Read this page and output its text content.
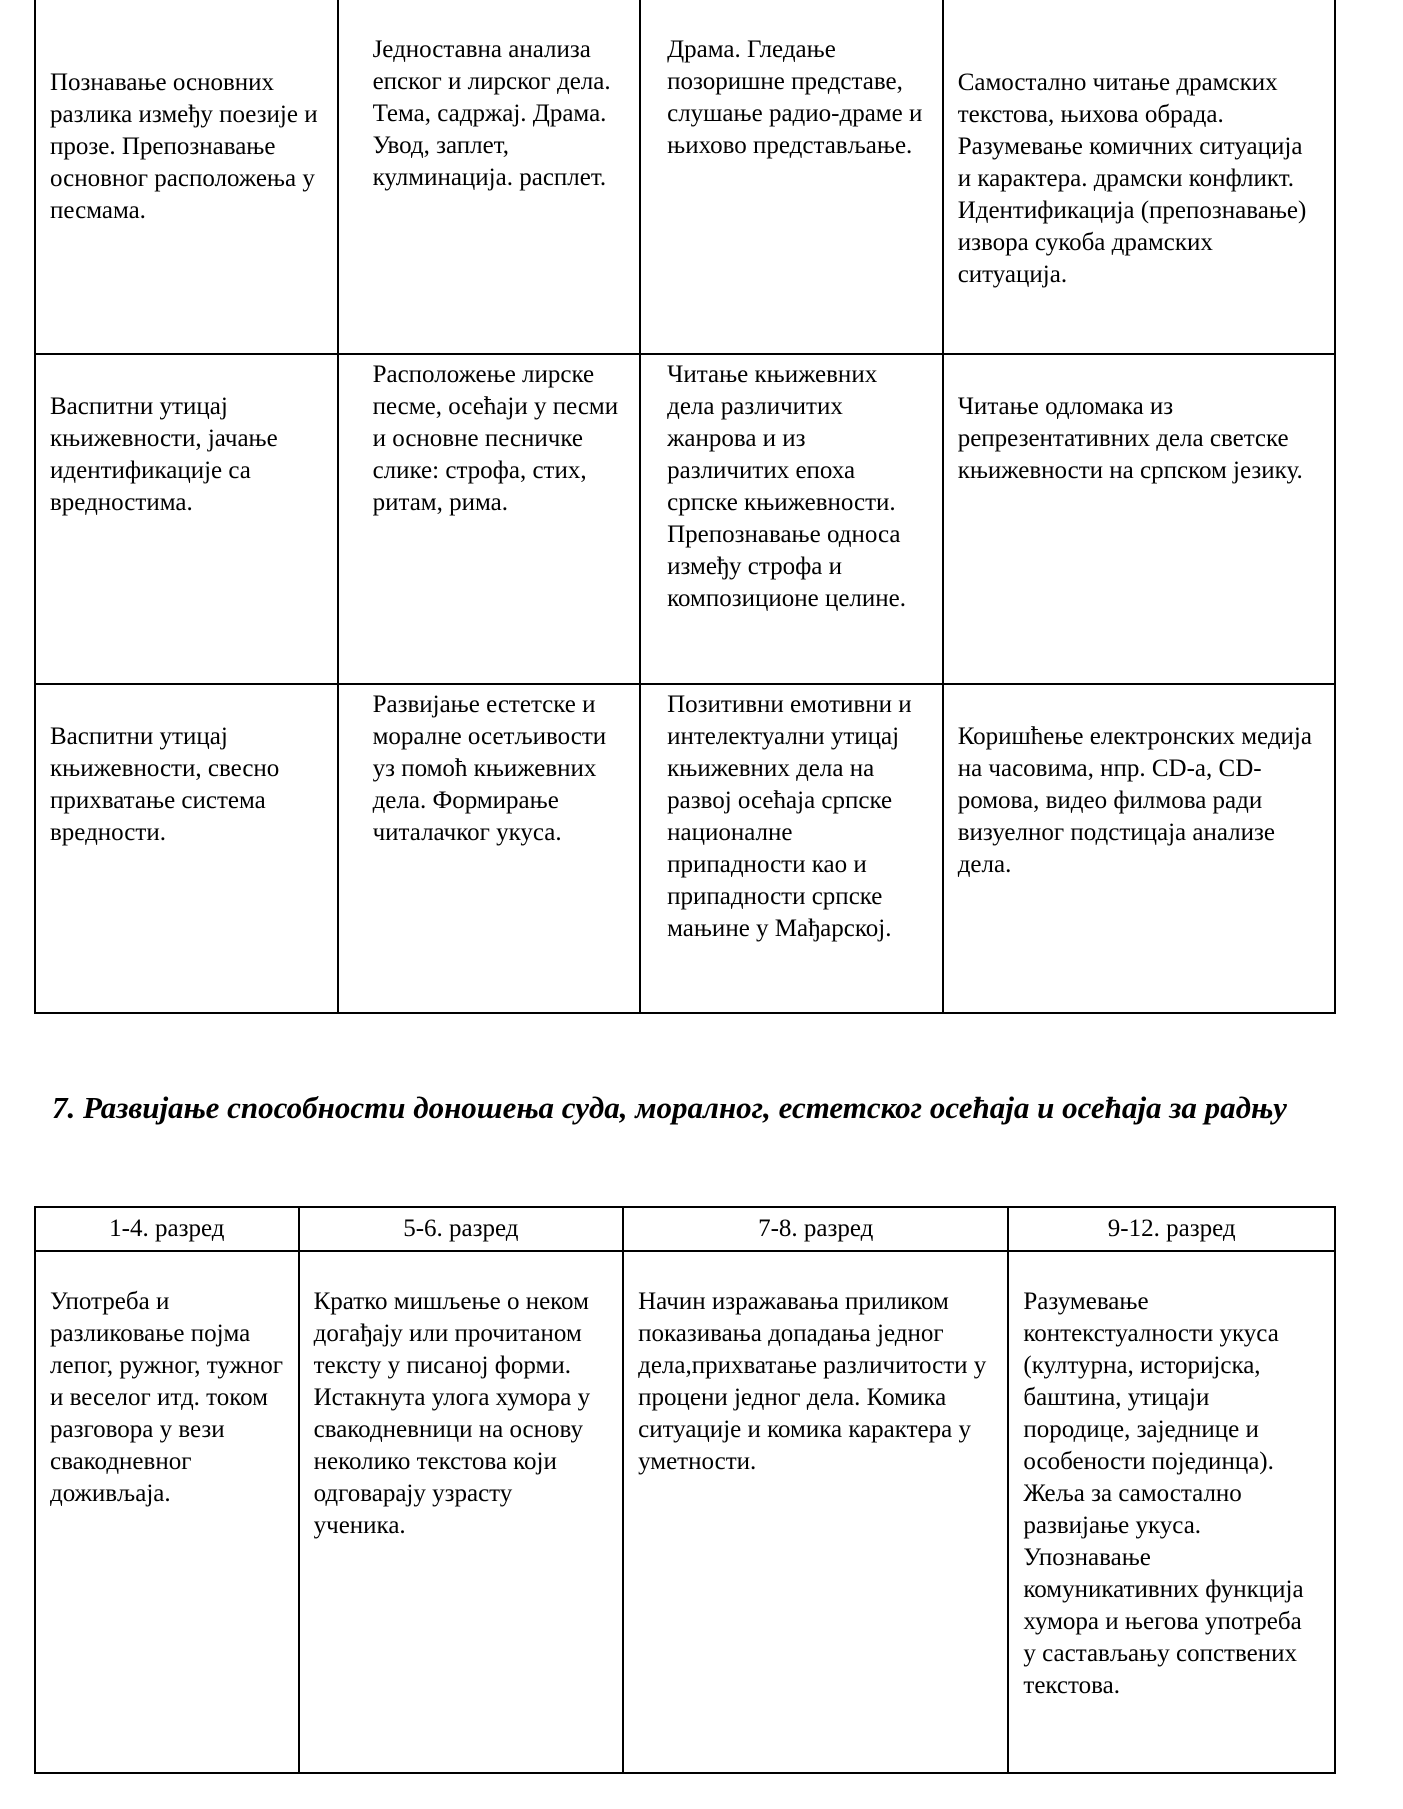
Познавање основних разлика између поезије и прозе. Препознавање основног расположења у песмама.	Једноставна анализа епског и лирског дела. Тема, садржај. Драма. Увод, заплет, кулминација. расплет.	Драма. Гледање позоришне представе, слушање радио-драме и њихово представљање.	Самостално читање драмских текстова, њихова обрада. Разумевање комичних ситуација и карактера. драмски конфликт. Идентификација (препознавање) извора сукоба драмских ситуација.
Васпитни утицај књижевности, јачање идентификације са вредностима.	Расположење лирске песме, осећаји у песми и основне песничке слике: строфа, стих, ритам, рима.	Читање књижевних дела различитих жанрова и из различитих епоха српске књижевности. Препознавање односа између строфа и композиционе целине.	Читање одломака из репрезентативних дела светске књижевности на српском језику.
Васпитни утицај књижевности, свесно прихватање система вредности.	Развијање естетске и моралне осетљивости уз помоћ књижевних дела. Формирање читалачког укуса.	Позитивни емотивни и интелектуални утицај књижевних дела на развој осећаја српске националне припадности као и припадности српске мањине у Мађарској.	Коришћење електронских медија на часовима, нпр. CD-a, CD-ромова, видео филмова ради визуелног подстицаја анализе дела.
7. Развијање способности доношења суда, моралног, естетског осећаја и осећаја за радњу
1-4. разред	5-6. разред	7-8. разред	9-12. разред
Употреба и разликовање појма лепог, ружног, тужног и веселог итд. током разговора у вези свакодневног доживљаја.	Кратко мишљење о неком догађају или прочитаном тексту у писаној форми. Истакнута улога хумора у свакодневници на основу неколико текстова који одговарају узрасту ученика.	Начин изражавања приликом показивања допадања једног дела,прихватање различитости у процени једног дела. Комика ситуације и комика карактера у уметности.	Разумевање контекстуалности укуса (културна, историјска, баштина, утицаји породице, заједнице и особености појединца). Жеља за самостално развијање укуса. Упознавање комуникативних функција хумора и његова употреба у састављању сопствених текстова.
